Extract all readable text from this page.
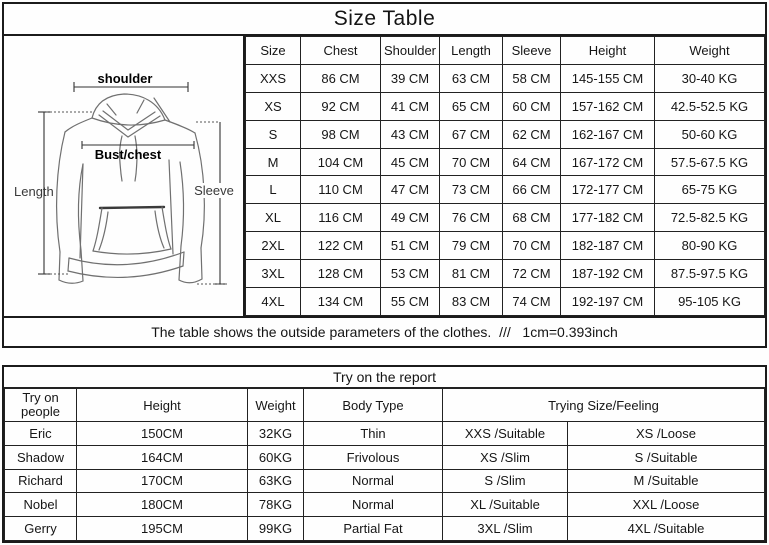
Size Table
shoulder
Bust/chest
Length	Sleeve
Size	Chest	Shoulder	Length	Sleeve	Height	Weight
XXS	86 CM	39 CM	63 CM	58 CM	145-155 CM	30-40 KG
XS	92 CM	41 CM	65 CM	60 CM	157-162 CM	42.5-52.5 KG
S	98 CM	43 CM	67 CM	62 CM	162-167 CM	50-60 KG
M	104 CM	45 CM	70 CM	64 CM	167-172 CM	57.5-67.5 KG
L	110 CM	47 CM	73 CM	66 CM	172-177 CM	65-75 KG
XL	116 CM	49 CM	76 CM	68 CM	177-182 CM	72.5-82.5 KG
2XL	122 CM	51 CM	79 CM	70 CM	182-187 CM	80-90 KG
3XL	128 CM	53 CM	81 CM	72 CM	187-192 CM	87.5-97.5 KG
4XL	134 CM	55 CM	83 CM	74 CM	192-197 CM	95-105 KG
The table shows the outside parameters of the clothes.  ///   1cm=0.393inch
Try on the report
Try on people	Height	Weight	Body Type	Trying Size/Feeling	
Eric	150CM	32KG	Thin	XXS /Suitable	XS /Loose
Shadow	164CM	60KG	Frivolous	XS /Slim	S /Suitable
Richard	170CM	63KG	Normal	S /Slim	M /Suitable
Nobel	180CM	78KG	Normal	XL /Suitable	XXL /Loose
Gerry	195CM	99KG	Partial Fat	3XL /Slim	4XL /Suitable
